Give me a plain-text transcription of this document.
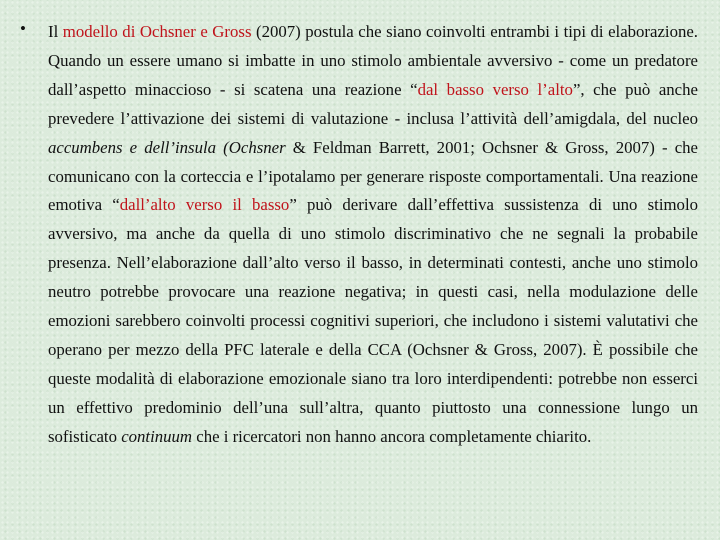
• Il modello di Ochsner e Gross (2007) postula che siano coinvolti entrambi i tipi di elaborazione. Quando un essere umano si imbatte in uno stimolo ambientale avversivo - come un predatore dall’aspetto minaccioso - si scatena una reazione “dal basso verso l’alto”, che può anche prevedere l’attivazione dei sistemi di valutazione - inclusa l’attività dell’amigdala, del nucleo accumbens e dell’insula (Ochsner & Feldman Barrett, 2001; Ochsner & Gross, 2007) - che comunicano con la corteccia e l’ipotalamo per generare risposte comportamentali. Una reazione emotiva “dall’alto verso il basso” può derivare dall’effettiva sussistenza di uno stimolo avversivo, ma anche da quella di uno stimolo discriminativo che ne segnali la probabile presenza. Nell’elaborazione dall’alto verso il basso, in determinati contesti, anche uno stimolo neutro potrebbe provocare una reazione negativa; in questi casi, nella modulazione delle emozioni sarebbero coinvolti processi cognitivi superiori, che includono i sistemi valutativi che operano per mezzo della PFC laterale e della CCA (Ochsner & Gross, 2007). È possibile che queste modalità di elaborazione emozionale siano tra loro interdipendenti: potrebbe non esserci un effettivo predominio dell’una sull’altra, quanto piuttosto una connessione lungo un sofisticato continuum che i ricercatori non hanno ancora completamente chiarito.
